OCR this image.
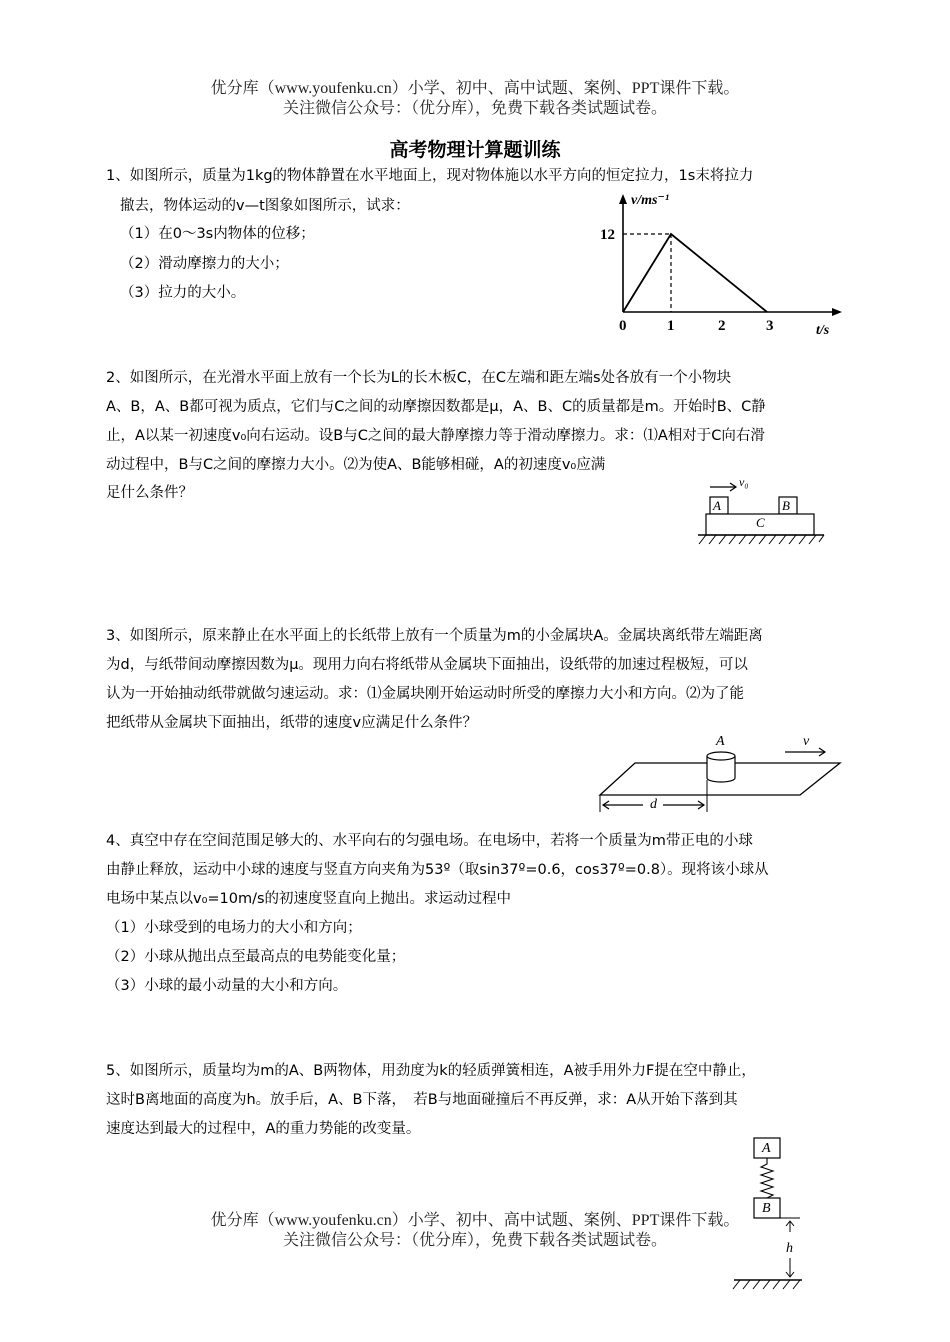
优分库（www.youfenku.cn）小学、初中、高中试题、案例、PPT课件下载。
关注微信公众号：（优分库），免费下载各类试题试卷。
高考物理计算题训练
1、如图所示，质量为1kg的物体静置在水平地面上，现对物体施以水平方向的恒定拉力，1s末将拉力
撤去，物体运动的v—t图象如图所示，试求：
（1）在0～3s内物体的位移；
（2）滑动摩擦力的大小；
（3）拉力的大小。
v/ms⁻¹
t/s
12
0	1	2	3
2、如图所示，在光滑水平面上放有一个长为L的长木板C，在C左端和距左端s处各放有一个小物块
A、B，A、B都可视为质点，它们与C之间的动摩擦因数都是μ，A、B、C的质量都是m。开始时B、C静
止，A以某一初速度v₀向右运动。设B与C之间的最大静摩擦力等于滑动摩擦力。求：⑴A相对于C向右滑
动过程中，B与C之间的摩擦力大小。⑵为使A、B能够相碰，A的初速度v₀应满
足什么条件？
v₀
A	B
C
3、如图所示，原来静止在水平面上的长纸带上放有一个质量为m的小金属块A。金属块离纸带左端距离
为d，与纸带间动摩擦因数为μ。现用力向右将纸带从金属块下面抽出，设纸带的加速过程极短，可以
认为一开始抽动纸带就做匀速运动。求：⑴金属块刚开始运动时所受的摩擦力大小和方向。⑵为了能
把纸带从金属块下面抽出，纸带的速度v应满足什么条件？
A	v
d
4、真空中存在空间范围足够大的、水平向右的匀强电场。在电场中，若将一个质量为m带正电的小球
由静止释放，运动中小球的速度与竖直方向夹角为53º（取sin37º=0.6，cos37º=0.8）。现将该小球从
电场中某点以v₀=10m/s的初速度竖直向上抛出。求运动过程中
（1）小球受到的电场力的大小和方向；
（2）小球从抛出点至最高点的电势能变化量；
（3）小球的最小动量的大小和方向。
5、如图所示，质量均为m的A、B两物体，用劲度为k的轻质弹簧相连，A被手用外力F提在空中静止，
这时B离地面的高度为h。放手后，A、B下落，　若B与地面碰撞后不再反弹，求：A从开始下落到其
速度达到最大的过程中，A的重力势能的改变量。
A
B
h
优分库（www.youfenku.cn）小学、初中、高中试题、案例、PPT课件下载。
关注微信公众号：（优分库），免费下载各类试题试卷。
